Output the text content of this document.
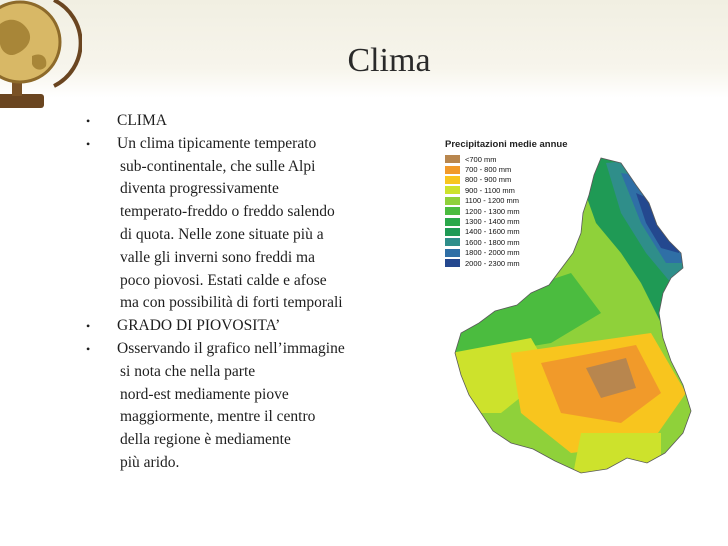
Clima
• CLIMA
• Un clima tipicamente temperato
sub-continentale, che sulle Alpi
diventa progressivamente
temperato-freddo o freddo salendo
di quota. Nelle zone situate più a
valle gli inverni sono freddi ma
poco piovosi. Estati calde e afose
ma con possibilità di forti temporali
• GRADO DI PIOVOSITA’
• Osservando il grafico nell’immagine
si nota che nella parte
nord-est mediamente piove
maggiormente, mentre il centro
della regione è mediamente
più arido.
Precipitazioni medie annue
<700 mm
700 - 800 mm
800 - 900 mm
900 - 1100 mm
1100 - 1200 mm
1200 - 1300 mm
1300 - 1400 mm
1400 - 1600 mm
1600 - 1800 mm
1800 - 2000 mm
2000 - 2300 mm
